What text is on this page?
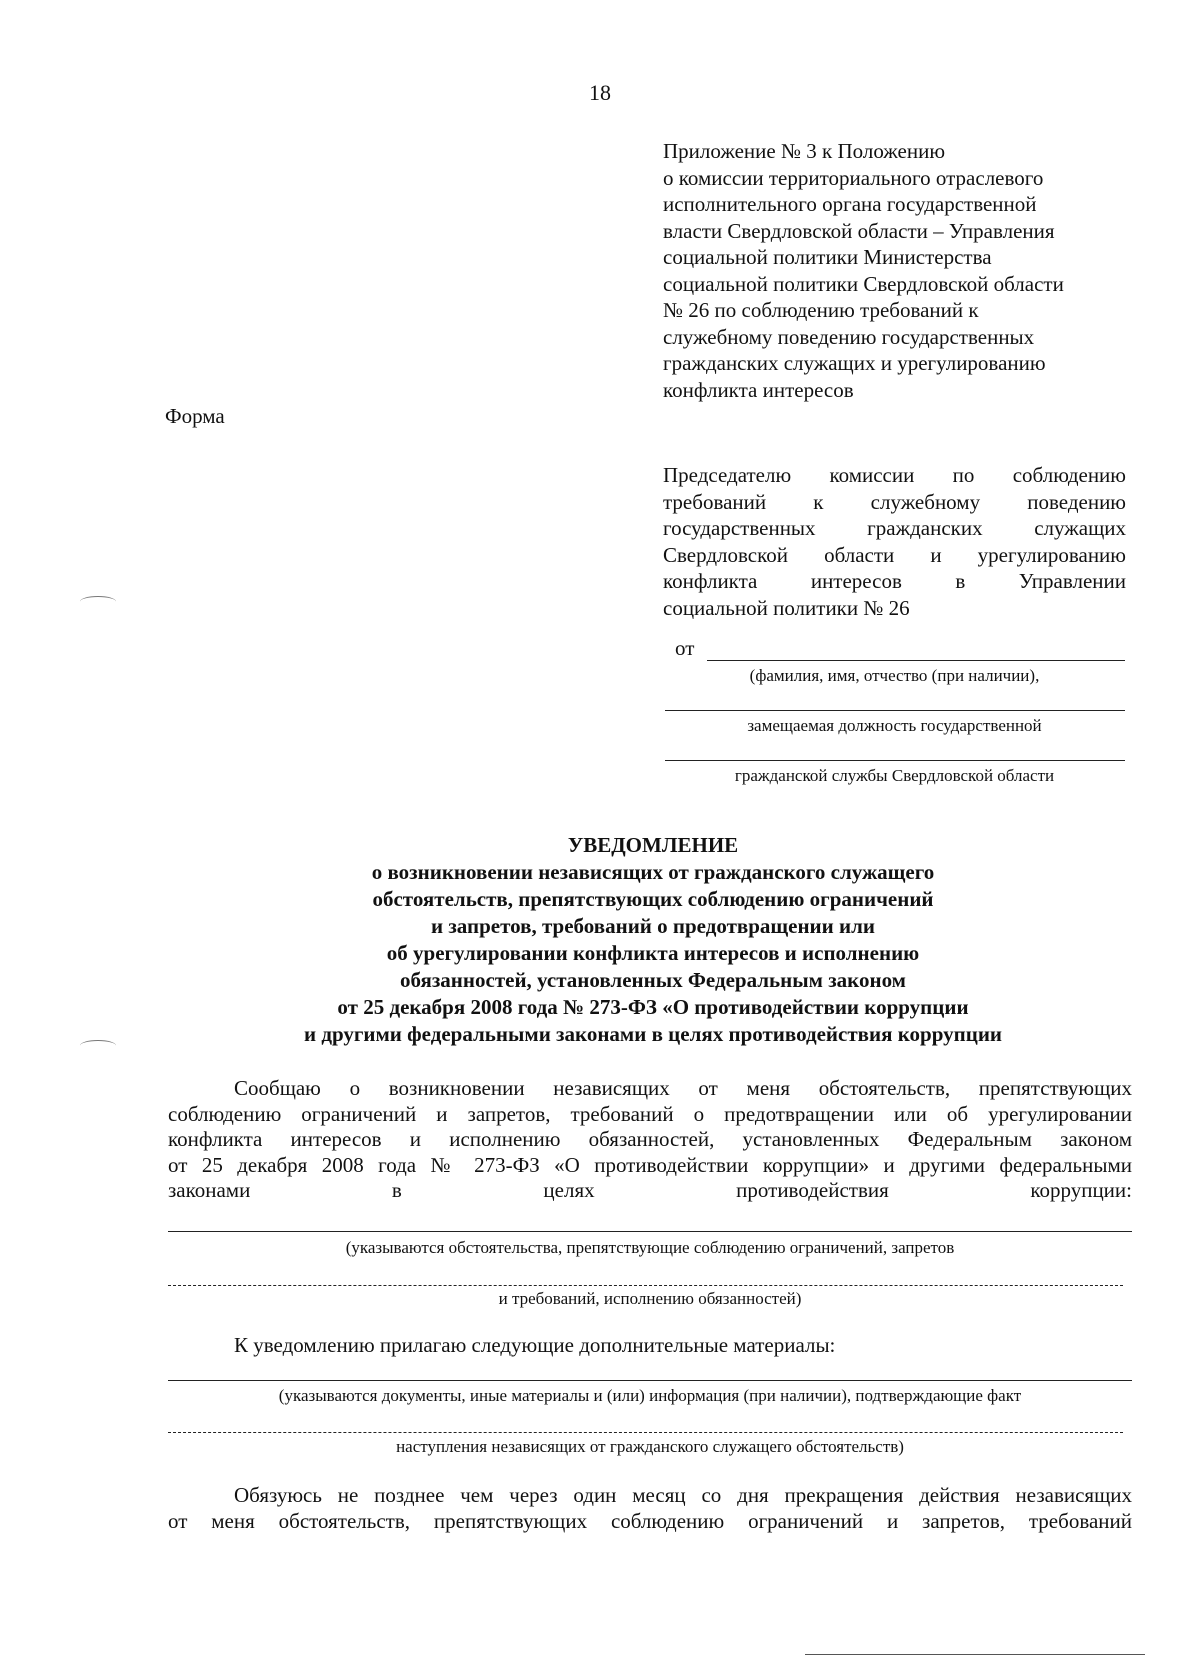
18
Приложение № 3 к Положению
о комиссии территориального отраслевого
исполнительного органа государственной
власти Свердловской области – Управления
социальной политики Министерства
социальной политики Свердловской области
№ 26 по соблюдению требований к
служебному поведению государственных
гражданских служащих и урегулированию
конфликта интересов
Форма
Председателю комиссии по соблюдению
требований к служебному поведению
государственных гражданских служащих
Свердловской области и урегулированию
конфликта интересов в Управлении
социальной политики № 26
от
(фамилия, имя, отчество (при наличии),
замещаемая должность государственной
гражданской службы Свердловской области
УВЕДОМЛЕНИЕ
о возникновении независящих от гражданского служащего
обстоятельств, препятствующих соблюдению ограничений
и запретов, требований о предотвращении или
об урегулировании конфликта интересов и исполнению
обязанностей, установленных Федеральным законом
от 25 декабря 2008 года № 273-ФЗ «О противодействии коррупции
и другими федеральными законами в целях противодействия коррупции
Сообщаю о возникновении независящих от меня обстоятельств, препятствующих
соблюдению ограничений и запретов, требований о предотвращении или об урегулировании
конфликта интересов и исполнению обязанностей, установленных Федеральным законом
от 25 декабря 2008 года № 273-ФЗ «О противодействии коррупции» и другими федеральными
законами в целях противодействия коррупции:
(указываются обстоятельства, препятствующие соблюдению ограничений, запретов
и требований, исполнению обязанностей)
К уведомлению прилагаю следующие дополнительные материалы:
(указываются документы, иные материалы и (или) информация (при наличии), подтверждающие факт
наступления независящих от гражданского служащего обстоятельств)
Обязуюсь не позднее чем через один месяц со дня прекращения действия независящих
от меня обстоятельств, препятствующих соблюдению ограничений и запретов, требований
